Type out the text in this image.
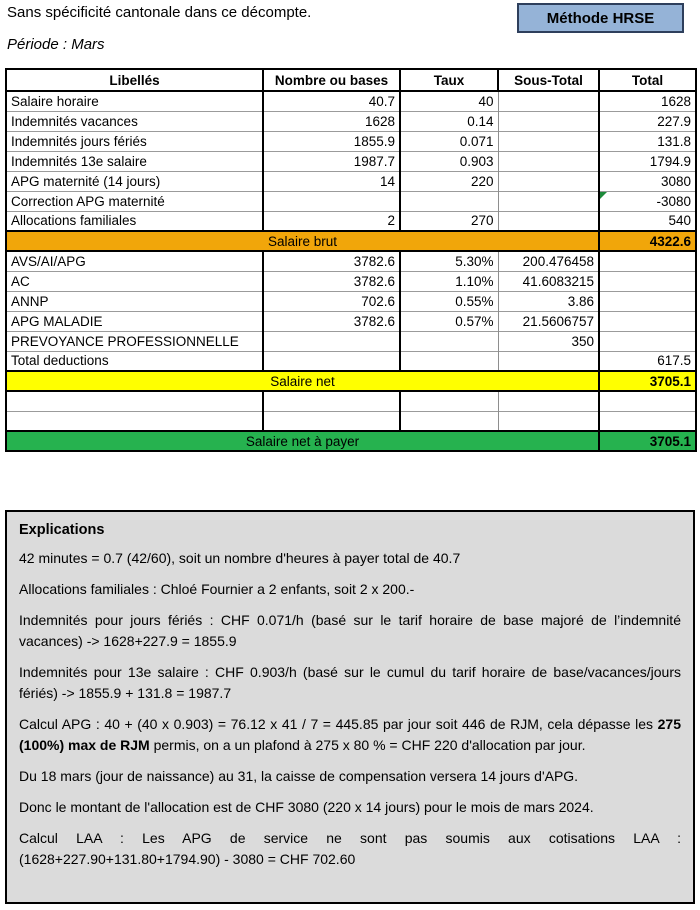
Sans spécificité cantonale dans ce décompte.	Méthode HRSE
Période : Mars
Libellés	Nombre ou bases	Taux	Sous-Total	Total
Salaire horaire	40.7	40		1628
Indemnités vacances	1628	0.14		227.9
Indemnités jours fériés	1855.9	0.071		131.8
Indemnités 13e salaire	1987.7	0.903		1794.9
APG maternité (14 jours)	14	220		3080
Correction APG maternité				-3080

Allocations familiales	2	270		540
Salaire brut				4322.6
AVS/AI/APG	3782.6	5.30%	200.476458	
AC	3782.6	1.10%	41.6083215	
ANNP	702.6	0.55%	3.86	
APG MALADIE	3782.6	0.57%	21.5606757	
PREVOYANCE PROFESSIONNELLE			350	
Total deductions				617.5
Salaire net				3705.1

Salaire net à payer				3705.1
Explications

42 minutes = 0.7 (42/60), soit un nombre d'heures à payer total de 40.7

Allocations familiales : Chloé Fournier a 2 enfants, soit 2 x 200.-

Indemnités pour jours fériés : CHF 0.071/h (basé sur le tarif horaire de base majoré de l’indemnité vacances) -> 1628+227.9 = 1855.9

Indemnités pour 13e salaire : CHF 0.903/h (basé sur le cumul du tarif horaire de base/vacances/jours fériés) -> 1855.9 + 131.8 = 1987.7

Calcul APG : 40 + (40 x 0.903) = 76.12 x 41 / 7 = 445.85 par jour soit 446 de RJM, cela dépasse les 275 (100%) max de RJM permis, on a un plafond à 275 x 80 % = CHF 220 d'allocation par jour.

Du 18 mars (jour de naissance) au 31, la caisse de compensation versera 14 jours d'APG.

Donc le montant de l'allocation est de CHF 3080 (220 x 14 jours) pour le mois de mars 2024.

Calcul LAA : Les APG de service ne sont pas soumis aux cotisations LAA : (1628+227.90+131.80+1794.90) - 3080 = CHF 702.60
